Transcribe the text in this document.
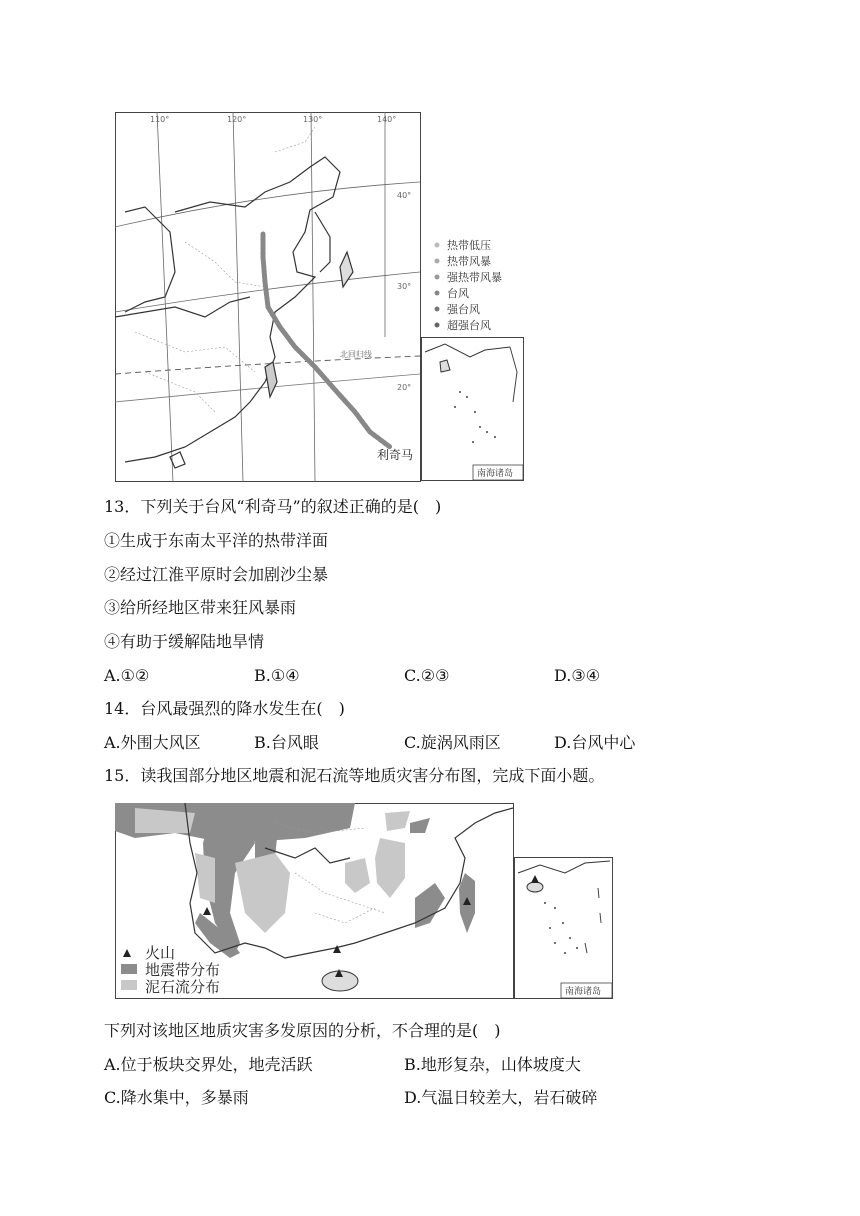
热带低压
热带风暴
强热带风暴
台风
强台风
超强台风
110°	120°	130°	140°
40°
30°
20°
北回归线
利奇马
南海诸岛
13．下列关于台风“利奇马”的叙述正确的是(　)
①生成于东南太平洋的热带洋面
②经过江淮平原时会加剧沙尘暴
③给所经地区带来狂风暴雨
④有助于缓解陆地旱情
A.①②	B.①④	C.②③	D.③④
14．台风最强烈的降水发生在(　)
A.外围大风区	B.台风眼	C.旋涡风雨区	D.台风中心
15．读我国部分地区地震和泥石流等地质灾害分布图，完成下面小题。
火山
地震带分布
泥石流分布	南海诸岛
下列对该地区地质灾害多发原因的分析，不合理的是(　)
A.位于板块交界处，地壳活跃	B.地形复杂，山体坡度大
C.降水集中，多暴雨	D.气温日较差大，岩石破碎
